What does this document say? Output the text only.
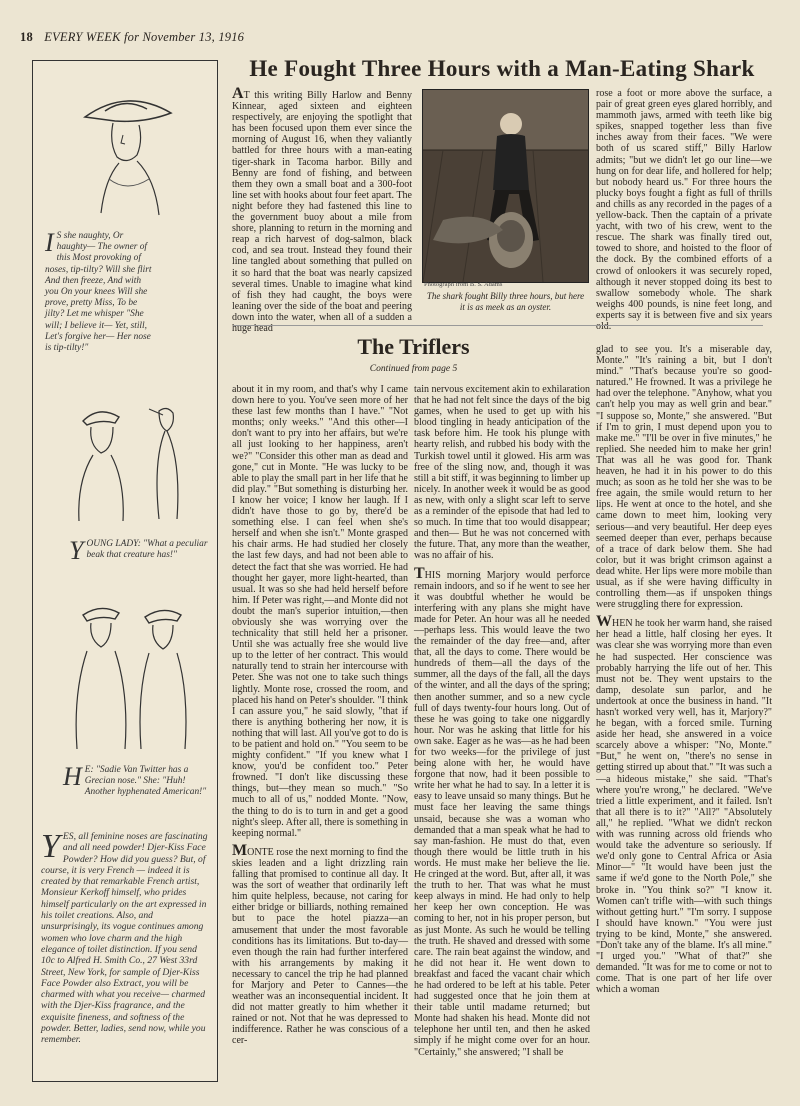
18 EVERY WEEK for November 13, 1916
I S she naughty, Or haughty— The owner of this Most provoking of noses, tip-tilty? Will she flirt And then freeze, And with you On your knees Will she prove, pretty Miss, To be jilty? Let me whisper "She will; I believe it— Yet, still, Let's forgive her— Her nose is tip-tilty!"
Y OUNG LADY: "What a peculiar beak that creature has!"
H E: "Sadie Van Twitter has a Grecian nose." She: "Huh! Another hyphenated American!"
Y ES, all feminine noses are fascinating and all need powder! Djer-Kiss Face Powder? How did you guess? But, of course, it is very French — indeed it is created by that remarkable French artist, Monsieur Kerkoff himself, who prides himself particularly on the art expressed in his toilet creations. Also, and unsurprisingly, its vogue continues among women who love charm and the high elegance of toilet distinction. If you send 10c to Alfred H. Smith Co., 27 West 33rd Street, New York, for sample of Djer-Kiss Face Powder also Extract, you will be charmed with what you receive— charmed with the Djer-Kiss fragrance, and the exquisite fineness, and softness of the powder. Better, ladies, send now, while you remember.
He Fought Three Hours with a Man-Eating Shark

AT this writing Billy Harlow and Benny Kinnear, aged sixteen and eighteen respectively, are enjoying the spotlight that has been focused upon them ever since the morning of August 16, when they valiantly battled for three hours with a man-eating tiger-shark in Tacoma harbor. Billy and Benny are fond of fishing, and between them they own a small boat and a 300-foot line set with hooks about four feet apart. The night before they had fastened this line to the government buoy about a mile from shore, planning to return in the morning and reap a rich harvest of dog-salmon, black cod, and sea trout. Instead they found their line tangled about something that pulled on it so hard that the boat was nearly capsized several times. Unable to imagine what kind of fish they had caught, the boys were leaning over the side of the boat and peering down into the water, when all of a sudden a huge head

Photograph from B. S. Adams
The shark fought Billy three hours, but here it is as meek as an oyster.

rose a foot or more above the surface, a pair of great green eyes glared horribly, and mammoth jaws, armed with teeth like big spikes, snapped together less than five inches away from their faces. "We were both of us scared stiff," Billy Harlow admits; "but we didn't let go our line—we hung on for dear life, and hollered for help; but nobody heard us." For three hours the plucky boys fought a fight as full of thrills and chills as any recorded in the pages of a yellow-back. Then the captain of a private yacht, with two of his crew, went to the rescue. The shark was finally tired out, towed to shore, and hoisted to the floor of the dock. By the combined efforts of a crowd of onlookers it was securely roped, although it never stopped doing its best to swallow somebody whole. The shark weighs 400 pounds, is nine feet long, and experts say it is between five and six years old.

The Triflers
Continued from page 5

about it in my room, and that's why I came down here to you. You've seen more of her these last few months than I have." "Not months; only weeks." "And this other—I don't want to pry into her affairs, but we're all just looking to her happiness, aren't we?" "Consider this other man as dead and gone," cut in Monte. "He was lucky to be able to play the small part in her life that he did play." "But something is disturbing her. I know her voice; I know her laugh. If I didn't have those to go by, there'd be something else. I can feel when she's herself and when she isn't." Monte grasped his chair arms. He had studied her closely the last few days, and had not been able to detect the fact that she was worried. He had thought her gayer, more light-hearted, than usual. It was so she had held herself before him. If Peter was right,—and Monte did not doubt the man's superior intuition,—then obviously she was worrying over the technicality that still held her a prisoner. Until she was actually free she would live up to the letter of her contract. This would naturally tend to strain her intercourse with Peter. She was not one to take such things lightly. Monte rose, crossed the room, and placed his hand on Peter's shoulder. "I think I can assure you," he said slowly, "that if there is anything bothering her now, it is nothing that will last. All you've got to do is to be patient and hold on." "You seem to be mighty confident." "If you knew what I know, you'd be confident too." Peter frowned. "I don't like discussing these things, but—they mean so much." "So much to all of us," nodded Monte. "Now, the thing to do is to turn in and get a good night's sleep. After all, there is something in keeping normal."

MONTE rose the next morning to find the skies leaden and a light drizzling rain falling that promised to continue all day. It was the sort of weather that ordinarily left him quite helpless, because, not caring for either bridge or billiards, nothing remained but to pace the hotel piazza—an amusement that under the most favorable conditions has its limitations. But to-day—even though the rain had further interfered with his arrangements by making it necessary to cancel the trip he had planned for Marjory and Peter to Cannes—the weather was an inconsequential incident. It did not matter greatly to him whether it rained or not. Not that he was depressed to indifference. Rather he was conscious of a cer-

tain nervous excitement akin to exhilaration that he had not felt since the days of the big games, when he used to get up with his blood tingling in heady anticipation of the task before him. He took his plunge with hearty relish, and rubbed his body with the Turkish towel until it glowed. His arm was free of the sling now, and, though it was still a bit stiff, it was beginning to limber up nicely. In another week it would be as good as new, with only a slight scar left to serve as a reminder of the episode that had led to so much. In time that too would disappear; and then— But he was not concerned with the future. That, any more than the weather, was no affair of his.

THIS morning Marjory would perforce remain indoors, and so if he went to see her it was doubtful whether he would be interfering with any plans she might have made for Peter. An hour was all he needed—perhaps less. This would leave the two the remainder of the day free—and, after that, all the days to come. There would be hundreds of them—all the days of the summer, all the days of the fall, all the days of the winter, and all the days of the spring; then another summer, and so a new cycle full of days twenty-four hours long. Out of these he was going to take one niggardly hour. Nor was he asking that little for his own sake. Eager as he was—as he had been for two weeks—for the privilege of just being alone with her, he would have forgone that now, had it been possible to write her what he had to say. In a letter it is easy to leave unsaid so many things. But he must face her leaving the same things unsaid, because she was a woman who demanded that a man speak what he had to say man-fashion. He must do that, even though there would be little truth in his words. He must make her believe the lie. He cringed at the word. But, after all, it was the truth to her. That was what he must keep always in mind. He had only to help her keep her own conception. He was coming to her, not in his proper person, but as just Monte. As such he would be telling the truth. He shaved and dressed with some care. The rain beat against the window, and he did not hear it. He went down to breakfast and faced the vacant chair which he had ordered to be left at his table. Peter had suggested once that he join them at their table until madame returned; but Monte had shaken his head. Monte did not telephone her until ten, and then he asked simply if he might come over for an hour. "Certainly," she answered; "I shall be

glad to see you. It's a miserable day, Monte." "It's raining a bit, but I don't mind." "That's because you're so good-natured." He frowned. It was a privilege he had over the telephone. "Anyhow, what you can't help you may as well grin and bear." "I suppose so, Monte," she answered. "But if I'm to grin, I must depend upon you to make me." "I'll be over in five minutes," he replied. She needed him to make her grin! That was all he was good for. Thank heaven, he had it in his power to do this much; as soon as he told her she was to be free again, the smile would return to her lips. He went at once to the hotel, and she came down to meet him, looking very serious—and very beautiful. Her deep eyes seemed deeper than ever, perhaps because of a trace of dark below them. She had color, but it was bright crimson against a dead white. Her lips were more mobile than usual, as if she were having difficulty in controlling them—as if unspoken things were struggling there for expression.

WHEN he took her warm hand, she raised her head a little, half closing her eyes. It was clear she was worrying more than even he had suspected. Her conscience was probably harrying the life out of her. This must not be. They went upstairs to the damp, desolate sun parlor, and he undertook at once the business in hand. "It hasn't worked very well, has it, Marjory?" he began, with a forced smile. Turning aside her head, she answered in a voice scarcely above a whisper: "No, Monte." "But," he went on, "there's no sense in getting stirred up about that." "It was such a—a hideous mistake," she said. "That's where you're wrong," he declared. "We've tried a little experiment, and it failed. Isn't that all there is to it?" "All?" "Absolutely all," he replied. "What we didn't reckon with was running across old friends who would take the adventure so seriously. If we'd only gone to Central Africa or Asia Minor—" "It would have been just the same if we'd gone to the North Pole," she broke in. "You think so?" "I know it. Women can't trifle with—with such things without getting hurt." "I'm sorry. I suppose I should have known." "You were just trying to be kind, Monte," she answered. "Don't take any of the blame. It's all mine." "I urged you." "What of that?" she demanded. "It was for me to come or not to come. That is one part of her life over which a woman
